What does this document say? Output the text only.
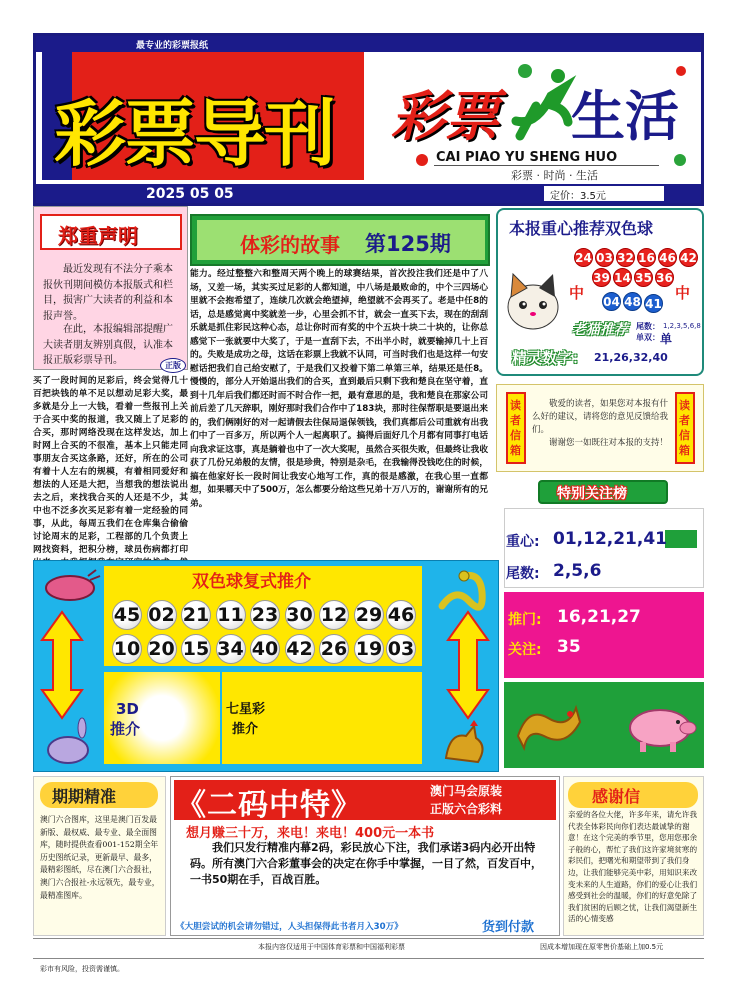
最专业的彩票报纸
彩票导刊
2025 05 05	定价：3.5元
彩票 生活
CAI PIAO YU SHENG HUO
彩票 · 时尚 · 生活
郑重声明
最近发现有不法分子乘本报伙刊期间模仿本报版式和栏目，损害广大读者的利益和本报声誉。
在此，本报编辑部提醒广大读者朋友辨别真假，认准本报正版彩票导刊。	正版
体彩的故事 第125期
能力。经过整整六和整周天两个晚上的球赛结果，首次投注我们还是中了八场，又差一场，其实买过足彩的人都知道，中八场是最败命的，中个三四场心里就不会抱希望了，连续几次就会绝望掉，绝望就不会再买了。老是中任8的话，总是感觉离中奖就差一步，心里会抓不甘，就会一直买下去，现在的刮刮乐就是抓住彩民这种心态，总让你时而有奖的中个五块十块二十块的，让你总感觉下一张就要中大奖了，于是一直刮下去，不出半小时，就要输掉几十上百的。失败是成功之母，这话在彩票上我就不认同，可当时我们也是这样一句安慰话把我们自己给安慰了，于是我们又投着下第二单第三单，结果还是任8。慢慢的，部分人开始退出我们的合买，直到最后只剩下我和楚良在坚守着，直到十几年后我们都还时而不时合作一把，最有意思的是，我和楚良在那家公司前后差了几天辞职，刚好那时我们合作中了183块，那时往保帮职是要退出来的，我们俩刚好的对一起请假去往保局退保领钱，我们真都后公司重就有出我们中了一百多万，所以两个人一起离职了。搞得后面好几个月都有同事打电话向我求证这事，真是躺着也中了一次大奖呢，虽然合买很失败，但最终让我收获了几份兄弟般的友情，很是珍贵，特别是杂毛，在我输得没钱吃住的时候，搞在他家好长一段时间让我安心地写工作，真的很是感激，在我心里一直都想，如果哪天中了500万，怎么都要分给这些兄弟十万八万的，谢谢所有的兄弟。
买了一段时间的足彩后，终会觉得几十百把块钱的单不足以想动足彩大奖，最多就是分上一大钱，看着一些报刊上关于合买中奖的报道，我又随上了足彩的合买，那时网络没现在这样发达，加上时网上合买的不很准，基本上只能走同事朋友合买这条路，还好，所在的公司有着十人左右的规模，有着相同爱好和想法的人还是大把，当想我的想法说出去之后，来找我合买的人还是不少，其中也不泛多次买足彩有着一定经验的同事，从此，每周五我们在仓库集合偷偷讨论周末的足彩，工程部的几个负责上网找资料，把积分榜，球员伤病都打印
本报重心推荐双色球
24 03 32 16 46 42
39 14 35 36
04 48 41
中	中
老猫推荐 尾数： 1,2,3,5,6,8
单双： 单
精灵数字： 21,26,32,40
读者信箱
读者信箱
敬爱的读者，如果您对本报有什么好的建议，请将您的意见反馈给我们。
谢谢您一如既往对本报的支持！
特别关注榜
重心: 01,12,21,41
尾数: 2,5,6
推门: 16,21,27
关注: 35
双色球复式推介
45 02 21 11 23 30 12 29 46
10 20 15 34 40 42 26 19 03
3D
推介
七星彩
推介
期期精准
澳门六合图库，这里是澳门百发最新版、最权威、最专业、最全面图库，随时提供查看001-152期全年历史图纸记录，更新最早、最多，最精彩图纸，尽在澳门六合报社，澳门六合报社-永远领先，最专业，最精准图库。
《二码中特》	澳门马会原装
正版六合彩料
想月赚三十万，来电！来电！400元一本书
我们只发行精准内幕2码，彩民放心下注，我们承诺3码内必开出特码。所有澳门六合彩董事会的决定在你手中掌握，一目了然，百发百中，一书50期在手，百战百胜。
《大胆尝试的机会请勿错过，人头担保得此书者月入30万》	货到付款
感谢信
亲爱的各位大佬，许多年来，请允许我代表全体彩民向你们表达最诚挚的谢意！在这个完美的季节里，您用您那余子般的心，帮忙了我们这许家境贫寒的彩民们，把曙光和期望带到了我们身边，让我们能够完美中彩，用知识来改变未来的人生道路，你们的爱心让我们感受到社会的温暖，你们的好意免除了我们贫困的后顾之忧，让我们渴望新生活的心情变感
本报内容仅适用于中国体育彩票和中国福利彩票	因成本增加现在原零售价基础上加0.5元
彩市有风险，投资需谨慎。
